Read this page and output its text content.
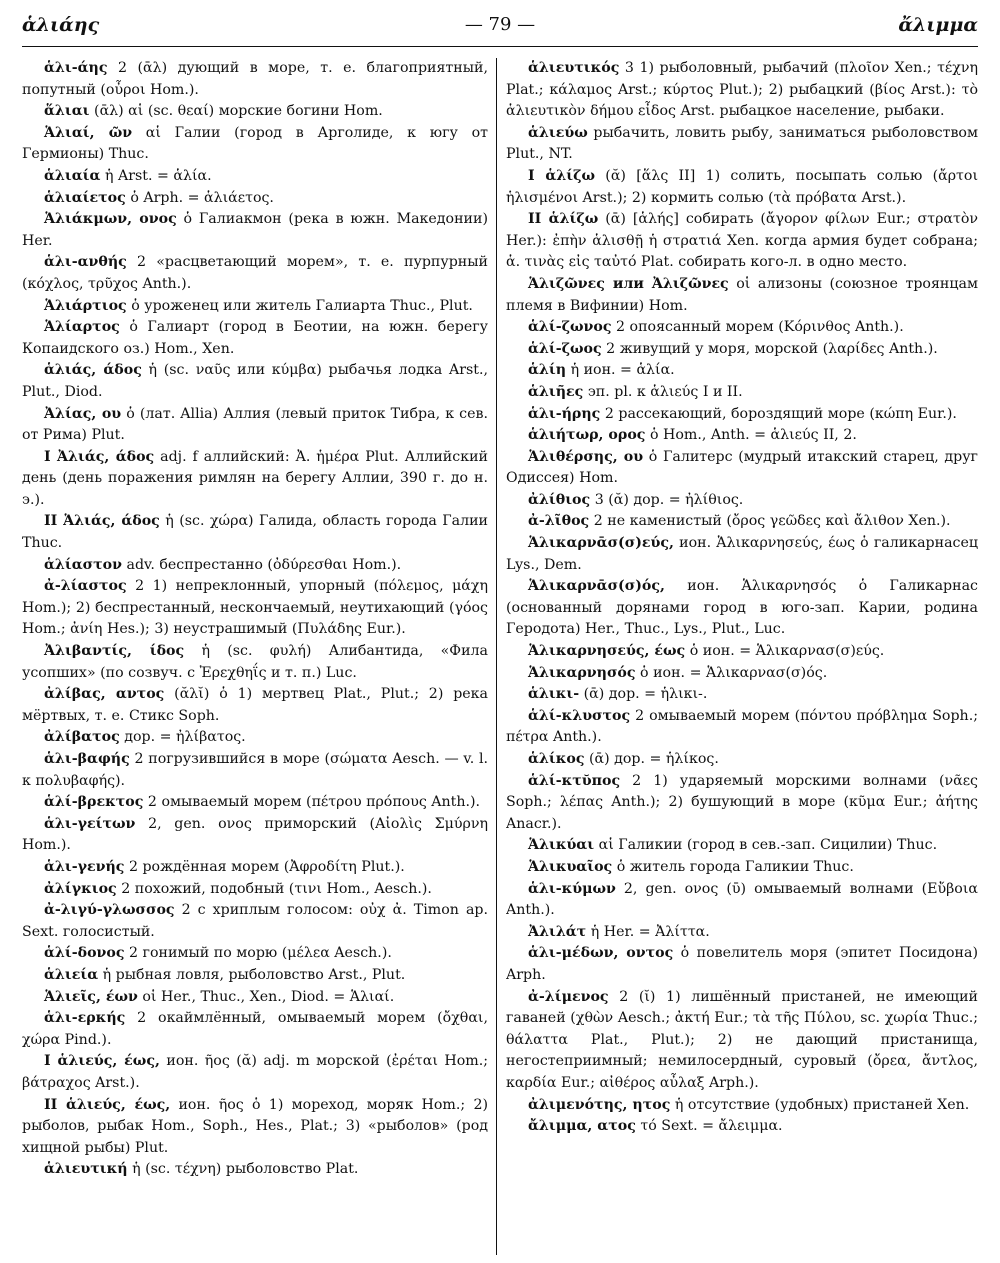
ἁλιάης	— 79 —	ἄλιμμα

ἁλι-άης 2 (ᾱλ) дующий в море, т. е. благоприятный, попутный (οὖροι Hom.).

ἅλιαι (ᾱλ) αἱ (sc. θεαί) морские богини Hom.

Ἁλιαί, ῶν αἱ Галии (город в Арголиде, к югу от Гермионы) Thuc.

ἁλιαία ἡ Arst. = ἁλία.

ἁλιαίετος ὁ Arph. = ἁλιάετος.

Ἁλιάκμων, ονος ὁ Галиакмон (река в южн. Македонии) Her.

ἁλι-ανθής 2 «расцветающий морем», т. е. пурпурный (κόχλος, τρῦχος Anth.).

Ἁλιάρτιος ὁ уроженец или житель Галиарта Thuc., Plut.

Ἁλίαρτος ὁ Галиарт (город в Беотии, на южн. берегу Копаидского оз.) Hom., Xen.

ἁλιάς, άδος ἡ (sc. ναῦς или κύμβα) рыбачья лодка Arst., Plut., Diod.

Ἀλίας, ου ὁ (лат. Allia) Аллия (левый приток Тибра, к сев. от Рима) Plut.

I Ἀλιάς, άδος adj. f аллийский: Ἀ. ἡμέρα Plut. Аллийский день (день поражения римлян на берегу Аллии, 390 г. до н. э.).

II Ἁλιάς, άδος ἡ (sc. χώρα) Галида, область города Галии Thuc.

ἁλίαστον adv. беспрестанно (ὀδύρεσθαι Hom.).

ἀ-λίαστος 2 1) непреклонный, упорный (πόλεμος, μάχη Hom.); 2) беспрестанный, нескончаемый, неутихающий (γόος Hom.; ἀνίη Hes.); 3) неустрашимый (Πυλάδης Eur.).

Ἀλιβαντίς, ίδος ἡ (sc. φυλή) Алибантида, «Фила усопших» (по созвуч. с Ἐρεχθηΐς и т. п.) Luc.

ἀλίβας, αντος (ᾰλῐ) ὁ 1) мертвец Plat., Plut.; 2) река мёртвых, т. е. Стикс Soph.

ἀλίβατος дор. = ἠλίβατος.

ἁλι-βαφής 2 погрузившийся в море (σώματα Aesch. — v. l. к πολυβαφής).

ἁλί-βρεκτος 2 омываемый морем (πέτρου πρόπους Anth.).

ἁλι-γείτων 2, gen. ονος приморский (Αἰολὶς Σμύρνη Hom.).

ἁλι-γενής 2 рождённая морем (Ἀφροδίτη Plut.).

ἀλίγκιος 2 похожий, подобный (τινι Hom., Aesch.).

ἀ-λιγύ-γλωσσος 2 с хриплым голосом: οὐχ ἀ. Timon ap. Sext. голосистый.

ἁλί-δονος 2 гонимый по морю (μέλεα Aesch.).

ἁλιεία ἡ рыбная ловля, рыболовство Arst., Plut.

Ἁλιεῖς, έων οἱ Her., Thuc., Xen., Diod. = Ἁλιαί.

ἁλι-ερκής 2 окаймлённый, омываемый морем (ὄχθαι, χώρα Pind.).

I ἁλιεύς, έως, ион. ῆος (ᾰ) adj. m морской (ἐρέται Hom.; βάτραχος Arst.).

II ἁλιεύς, έως, ион. ῆος ὁ 1) мореход, моряк Hom.; 2) рыболов, рыбак Hom., Soph., Hes., Plat.; 3) «рыболов» (род хищной рыбы) Plut.

ἁλιευτική ἡ (sc. τέχνη) рыболовство Plat.

ἁλιευτικός 3 1) рыболовный, рыбачий (πλοῖον Xen.; τέχνη Plat.; κάλαμος Arst.; κύρτος Plut.); 2) рыбацкий (βίος Arst.): τὸ ἁλιευτικὸν δήμου εἶδος Arst. рыбацкое население, рыбаки.

ἁλιεύω рыбачить, ловить рыбу, заниматься рыболовством Plut., NT.

I ἁλίζω (ᾰ) [ἅλς II] 1) солить, посыпать солью (ἄρτοι ἡλισμένοι Arst.); 2) кормить солью (τὰ πρόβατα Arst.).

II ἁλίζω (ᾱ) [ἁλής] собирать (ἄγορον φίλων Eur.; στρατὸν Her.): ἐπὴν ἁλισθῇ ἡ στρατιά Xen. когда армия будет собрана; ἁ. τινὰς εἰς ταὐτό Plat. собирать кого-л. в одно место.

Ἁλιζῶνες или Ἀλιζῶνες οἱ ализоны (союзное троянцам племя в Вифинии) Hom.

ἁλί-ζωνος 2 опоясанный морем (Κόρινθος Anth.).

ἁλί-ζωος 2 живущий у моря, морской (λαρίδες Anth.).

ἁλίη ἡ ион. = ἁλία.

ἁλιῆες эп. pl. к ἁλιεύς I и II.

ἁλι-ήρης 2 рассекающий, бороздящий море (κώπη Eur.).

ἁλιήτωρ, ορος ὁ Hom., Anth. = ἁλιεύς II, 2.

Ἁλιθέρσης, ου ὁ Галитерс (мудрый итакский старец, друг Одиссея) Hom.

ἀλίθιος 3 (ᾰ) дор. = ἠλίθιος.

ἀ-λῖθος 2 не каменистый (ὄρος γεῶδες καὶ ἄλιθον Xen.).

Ἁλικαρνᾱσ(σ)εύς, ион. Ἁλικαρνησεύς, έως ὁ галикарнасец Lys., Dem.

Ἁλικαρνᾱσ(σ)ός, ион. Ἁλικαρνησός ὁ Галикарнас (основанный дорянами город в юго-зап. Карии, родина Геродота) Her., Thuc., Lys., Plut., Luc.

Ἁλικαρνησεύς, έως ὁ ион. = Ἁλικαρνασ(σ)εύς.

Ἁλικαρνησός ὁ ион. = Ἁλικαρνασ(σ)ός.

ἁλικι- (ᾱ) дор. = ἡλικι-.

ἁλί-κλυστος 2 омываемый морем (πόντου πρόβλημα Soph.; πέτρα Anth.).

ἁλίκος (ᾱ) дор. = ἡλίκος.

ἁλί-κτῠπος 2 1) ударяемый морскими волнами (νᾶες Soph.; λέπας Anth.); 2) бушующий в море (κῦμα Eur.; ἀήτης Anacr.).

Ἁλικύαι αἱ Галикии (город в сев.-зап. Сицилии) Thuc.

Ἁλικυαῖος ὁ житель города Галикии Thuc.

ἁλι-κύμων 2, gen. ονος (ῡ) омываемый волнами (Εὔβοια Anth.).

Ἀλιλάτ ἡ Her. = Ἀλίττα.

ἁλι-μέδων, οντος ὁ повелитель моря (эпитет Посидона) Arph.

ἀ-λίμενος 2 (ῐ) 1) лишённый пристаней, не имеющий гаваней (χθὼν Aesch.; ἀκτή Eur.; τὰ τῆς Πύλου, sc. χωρία Thuc.; θάλαττα Plat., Plut.); 2) не дающий пристанища, негостеприимный; немилосердный, суровый (ὄρεα, ἄντλος, καρδία Eur.; αἰθέρος αὖλαξ Arph.).

ἀλιμενότης, ητος ἡ отсутствие (удобных) пристаней Xen.

ἄλιμμα, ατος τό Sext. = ἄλειμμα.
